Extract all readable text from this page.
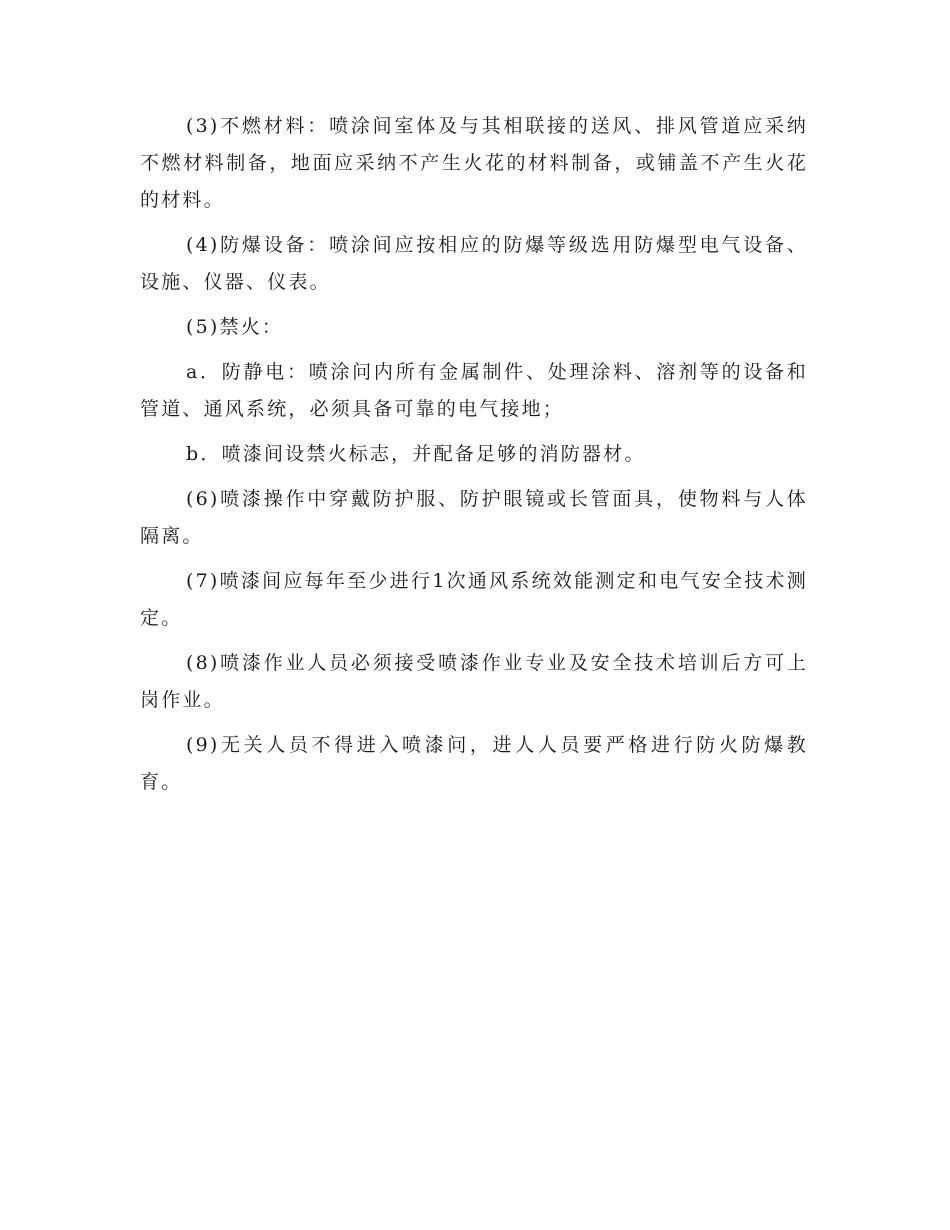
(3)不燃材料：喷涂间室体及与其相联接的送风、排风管道应采纳不燃材料制备，地面应采纳不产生火花的材料制备，或铺盖不产生火花的材料。

(4)防爆设备：喷涂间应按相应的防爆等级选用防爆型电气设备、设施、仪器、仪表。

(5)禁火：

a．防静电：喷涂问内所有金属制件、处理涂料、溶剂等的设备和管道、通风系统，必须具备可靠的电气接地；

b．喷漆间设禁火标志，并配备足够的消防器材。

(6)喷漆操作中穿戴防护服、防护眼镜或长管面具，使物料与人体隔离。

(7)喷漆间应每年至少进行1次通风系统效能测定和电气安全技术测定。

(8)喷漆作业人员必须接受喷漆作业专业及安全技术培训后方可上岗作业。

(9)无关人员不得进入喷漆问，进人人员要严格进行防火防爆教育。
